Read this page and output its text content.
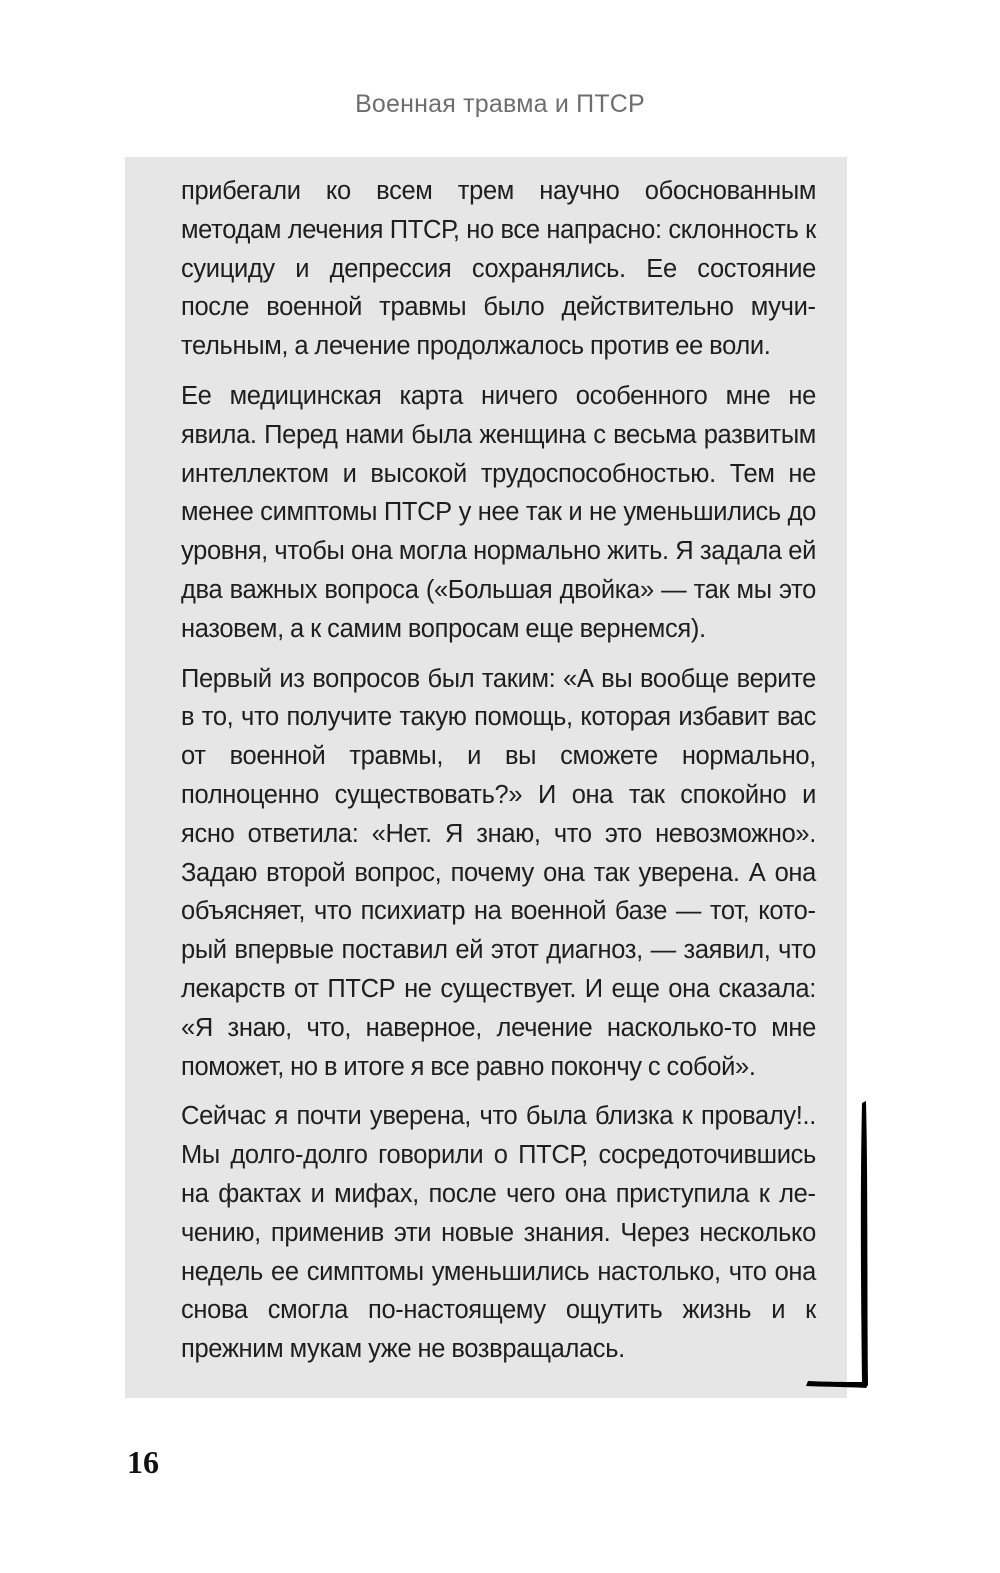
Военная травма и ПТСР

прибегали ко всем трем научно обоснованным методам лечения ПТСР, но все напрасно: склонность к суициду и депрессия сохранялись. Ее состояние после военной травмы было действительно мучительным, а лечение продолжалось против ее воли.

Ее медицинская карта ничего особенного мне не явила. Перед нами была женщина с весьма развитым интеллектом и высокой трудоспособностью. Тем не менее симптомы ПТСР у нее так и не уменьшились до уровня, чтобы она могла нормально жить. Я задала ей два важных вопроса («Большая двойка» — так мы это назовем, а к самим вопросам еще вернемся).

Первый из вопросов был таким: «А вы вообще верите в то, что получите такую помощь, которая избавит вас от военной травмы, и вы сможете нормально, полноценно существовать?» И она так спокойно и ясно ответила: «Нет. Я знаю, что это невозможно». Задаю второй вопрос, почему она так уверена. А она объясняет, что психиатр на военной базе — тот, который впервые поставил ей этот диагноз, — заявил, что лекарств от ПТСР не существует. И еще она сказала: «Я знаю, что, наверное, лечение насколько-то мне поможет, но в итоге я все равно покончу с собой».

Сейчас я почти уверена, что была близка к провалу!.. Мы долго-долго говорили о ПТСР, сосредоточившись на фактах и мифах, после чего она приступила к лечению, применив эти новые знания. Через несколько недель ее симптомы уменьшились настолько, что она снова смогла по-настоящему ощутить жизнь и к прежним мукам уже не возвращалась.

16
